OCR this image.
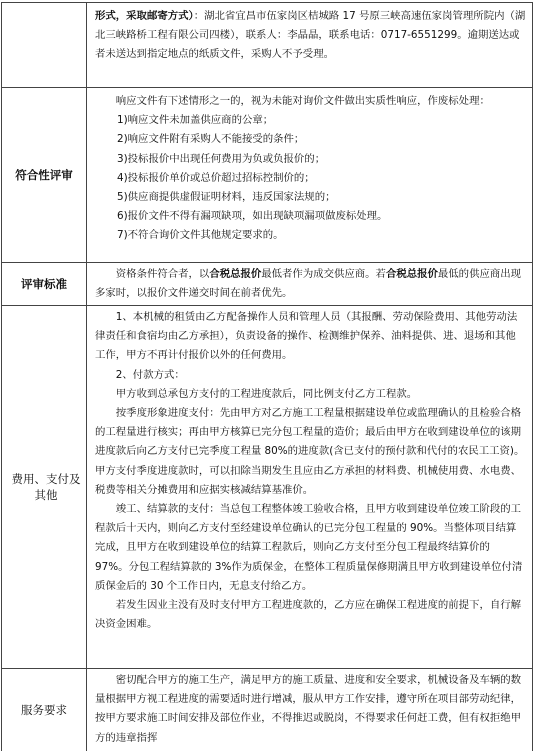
形式，采取邮寄方式）：湖北省宜昌市伍家岗区桔城路 17 号原三峡高速伍家岗管理所院内（湖北三峡路桥工程有限公司四楼），联系人：李晶晶，联系电话：0717-6551299。逾期送达或者未送达到指定地点的纸质文件，采购人不予受理。

符合性评审

响应文件有下述情形之一的，视为未能对询价文件做出实质性响应，作废标处理：

1)响应文件未加盖供应商的公章；

2)响应文件附有采购人不能接受的条件；

3)投标报价中出现任何费用为负或负报价的；

4)投标报价单价或总价超过招标控制价的；

5)供应商提供虚假证明材料，违反国家法规的；

6)报价文件不得有漏项缺项，如出现缺项漏项做废标处理。

7)不符合询价文件其他规定要求的。

评审标准

资格条件符合者，以合税总报价最低者作为成交供应商。若合税总报价最低的供应商出现多家时，以报价文件递交时间在前者优先。

费用、支付及其他

1、本机械的租赁由乙方配备操作人员和管理人员（其报酬、劳动保险费用、其他劳动法律责任和食宿均由乙方承担），负责设备的操作、检测维护保养、油料提供、进、退场和其他工作，甲方不再计付报价以外的任何费用。

2、付款方式：

甲方收到总承包方支付的工程进度款后，同比例支付乙方工程款。

按季度形象进度支付：先由甲方对乙方施工工程量根据建设单位或监理确认的且检验合格的工程量进行核实；再由甲方核算已完分包工程量的造价；最后由甲方在收到建设单位的该期进度款后向乙方支付已完季度工程量 80%的进度款(含已支付的预付款和代付的农民工工资)。甲方支付季度进度款时，可以扣除当期发生且应由乙方承担的材料费、机械使用费、水电费、税费等相关分摊费用和应据实核减结算基准价。

竣工、结算款的支付：当总包工程整体竣工验收合格，且甲方收到建设单位竣工阶段的工程款后十天内，则向乙方支付至经建设单位确认的已完分包工程量的 90%。当整体项目结算完成，且甲方在收到建设单位的结算工程款后，则向乙方支付至分包工程最终结算价的 97%。分包工程结算款的 3%作为质保金，在整体工程质量保修期满且甲方收到建设单位付清质保金后的 30 个工作日内，无息支付给乙方。

若发生因业主没有及时支付甲方工程进度款的，乙方应在确保工程进度的前提下，自行解决资金困难。

服务要求

密切配合甲方的施工生产，满足甲方的施工质量、进度和安全要求，机械设备及车辆的数量根据甲方视工程进度的需要适时进行增减，服从甲方工作安排，遵守所在项目部劳动纪律，按甲方要求施工时间安排及部位作业，不得推迟或脱岗，不得要求任何赶工费，但有权拒绝甲方的违章指挥
